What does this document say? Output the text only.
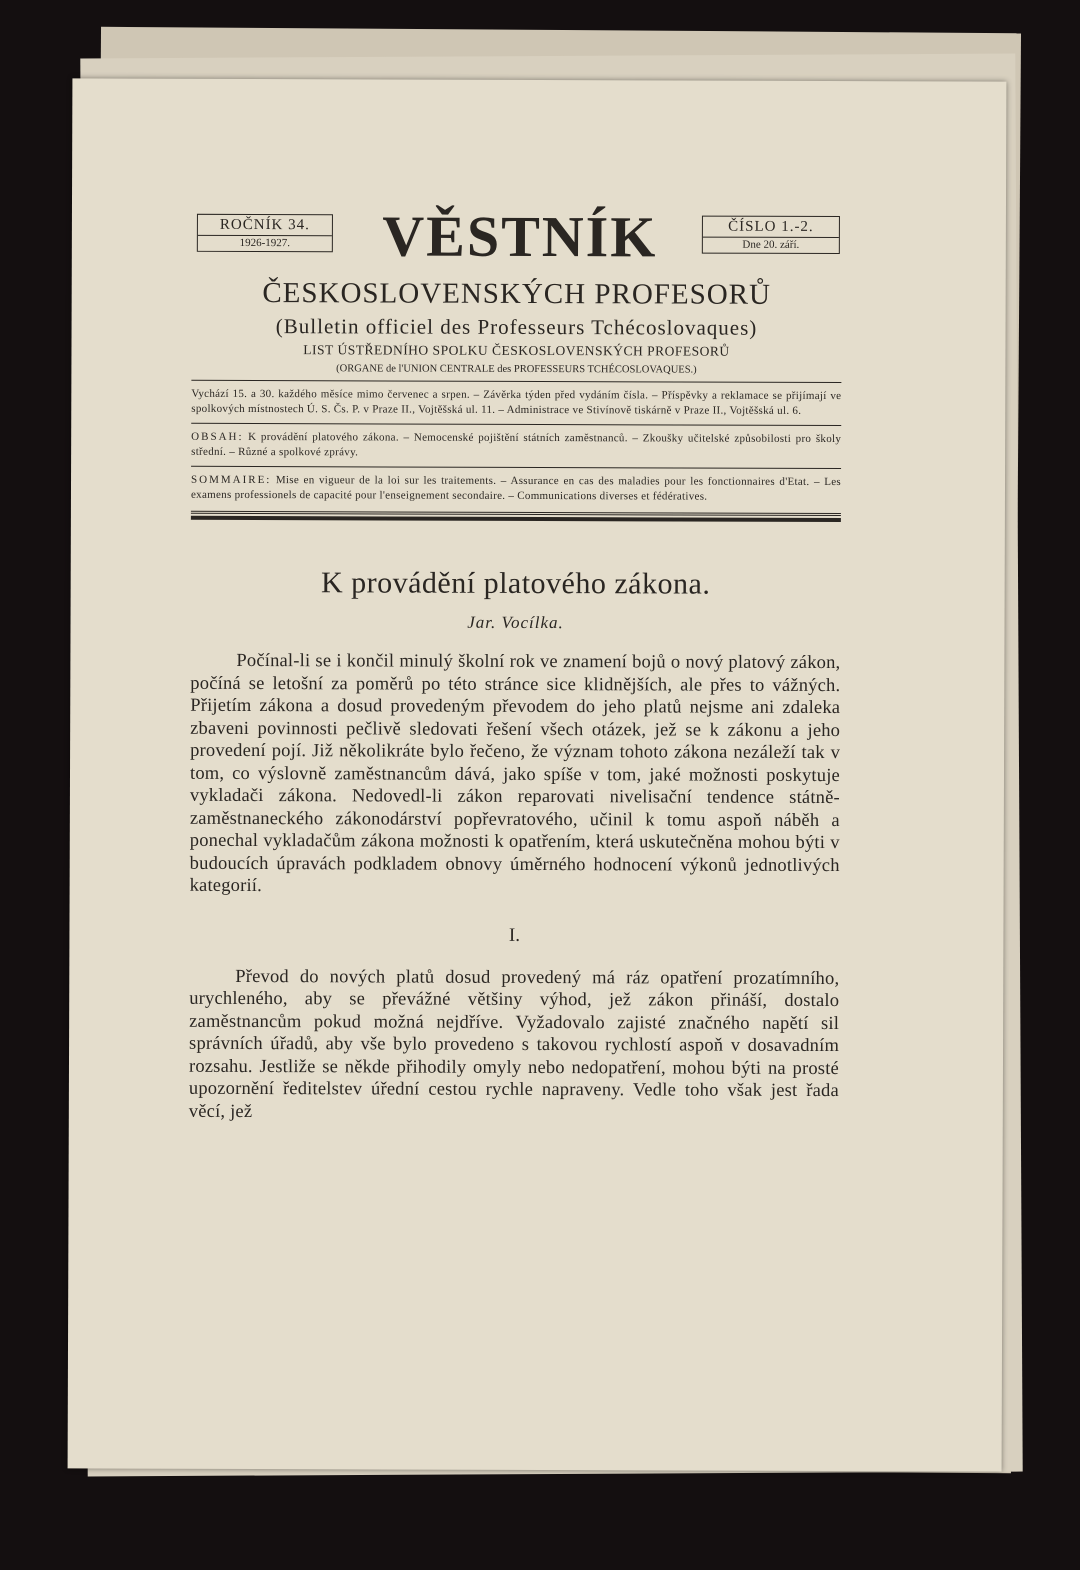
ROČNÍK 34.
1926-1927.	VĚSTNÍK	ČÍSLO 1.-2.
Dne 20. září.
ČESKOSLOVENSKÝCH PROFESORŮ
(Bulletin officiel des Professeurs Tchécoslovaques)
LIST ÚSTŘEDNÍHO SPOLKU ČESKOSLOVENSKÝCH PROFESORŮ
(ORGANE de l'UNION CENTRALE des PROFESSEURS TCHÉCOSLOVAQUES.)
Vychází 15. a 30. každého měsíce mimo červenec a srpen. – Závěrka týden před vydáním čísla. – Příspěvky a reklamace se přijímají ve spolkových místnostech Ú. S. Čs. P. v Praze II., Vojtěšská ul. 11. – Administrace ve Stivínově tiskárně v Praze II., Vojtěšská ul. 6.
OBSAH: K provádění platového zákona. – Nemocenské pojištění státních zaměstnanců. – Zkoušky učitelské způsobilosti pro školy střední. – Různé a spolkové zprávy.
SOMMAIRE: Mise en vigueur de la loi sur les traitements. – Assurance en cas des maladies pour les fonctionnaires d'Etat. – Les examens professionels de capacité pour l'enseignement secondaire. – Communications diverses et fédératives.
K provádění platového zákona.
Jar. Vocílka.

Počínal-li se i končil minulý školní rok ve znamení bojů o nový platový zákon, počíná se letošní za poměrů po této stránce sice klidnějších, ale přes to vážných. Přijetím zákona a dosud provedeným převodem do jeho platů nejsme ani zdaleka zbaveni povinnosti pečlivě sledovati řešení všech otázek, jež se k zákonu a jeho provedení pojí. Již několikráte bylo řečeno, že význam tohoto zákona nezáleží tak v tom, co výslovně zaměstnancům dává, jako spíše v tom, jaké možnosti poskytuje vykladači zákona. Nedovedl-li zákon reparovati nivelisační tendence státně-zaměstnaneckého zákonodárství popřevratového, učinil k tomu aspoň náběh a ponechal vykladačům zákona možnosti k opatřením, která uskutečněna mohou býti v budoucích úpravách podkladem obnovy úměrného hodnocení výkonů jednotlivých kategorií.

I.

Převod do nových platů dosud provedený má ráz opatření prozatímního, urychleného, aby se převážné většiny výhod, jež zákon přináší, dostalo zaměstnancům pokud možná nejdříve. Vyžadovalo zajisté značného napětí sil správních úřadů, aby vše bylo provedeno s takovou rychlostí aspoň v dosavadním rozsahu. Jestliže se někde přihodily omyly nebo nedopatření, mohou býti na prosté upozornění ředitelstev úřední cestou rychle napraveny. Vedle toho však jest řada věcí, jež
